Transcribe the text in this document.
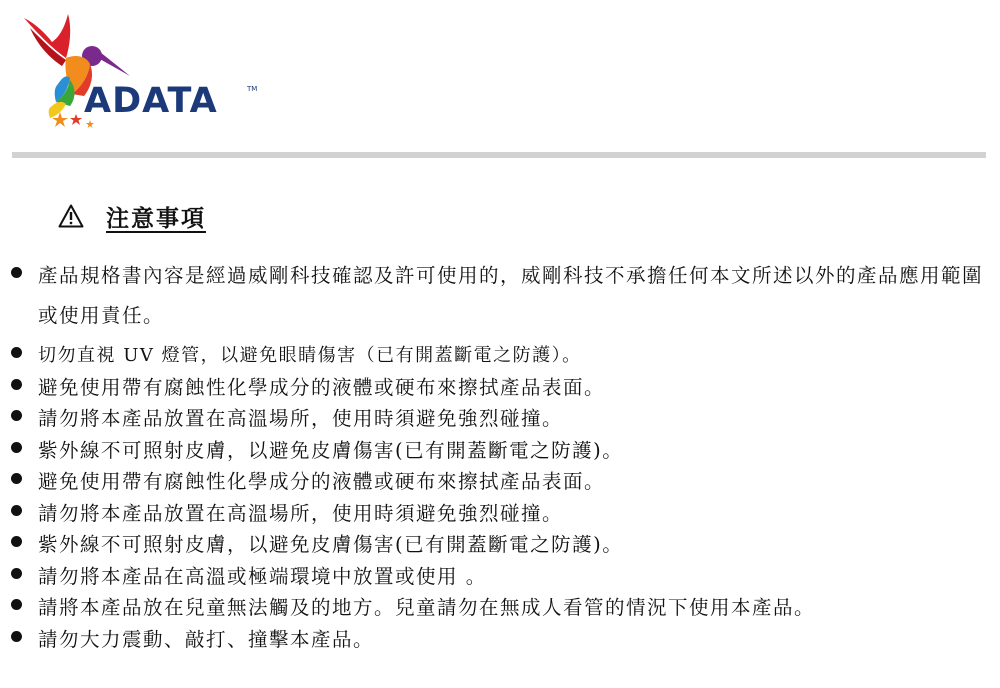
ADATA	TM
注意事項
產品規格書內容是經過威剛科技確認及許可使用的，威剛科技不承擔任何本文所述以外的產品應用範圍或使用責任。
切勿直視 UV 燈管，以避免眼睛傷害（已有開蓋斷電之防護）。
避免使用帶有腐蝕性化學成分的液體或硬布來擦拭產品表面。
請勿將本產品放置在高溫場所，使用時須避免強烈碰撞。
紫外線不可照射皮膚，以避免皮膚傷害(已有開蓋斷電之防護)。
避免使用帶有腐蝕性化學成分的液體或硬布來擦拭產品表面。
請勿將本產品放置在高溫場所，使用時須避免強烈碰撞。
紫外線不可照射皮膚，以避免皮膚傷害(已有開蓋斷電之防護)。
請勿將本產品在高溫或極端環境中放置或使用 。
請將本產品放在兒童無法觸及的地方。兒童請勿在無成人看管的情況下使用本產品。
請勿大力震動、敲打、撞擊本產品。
